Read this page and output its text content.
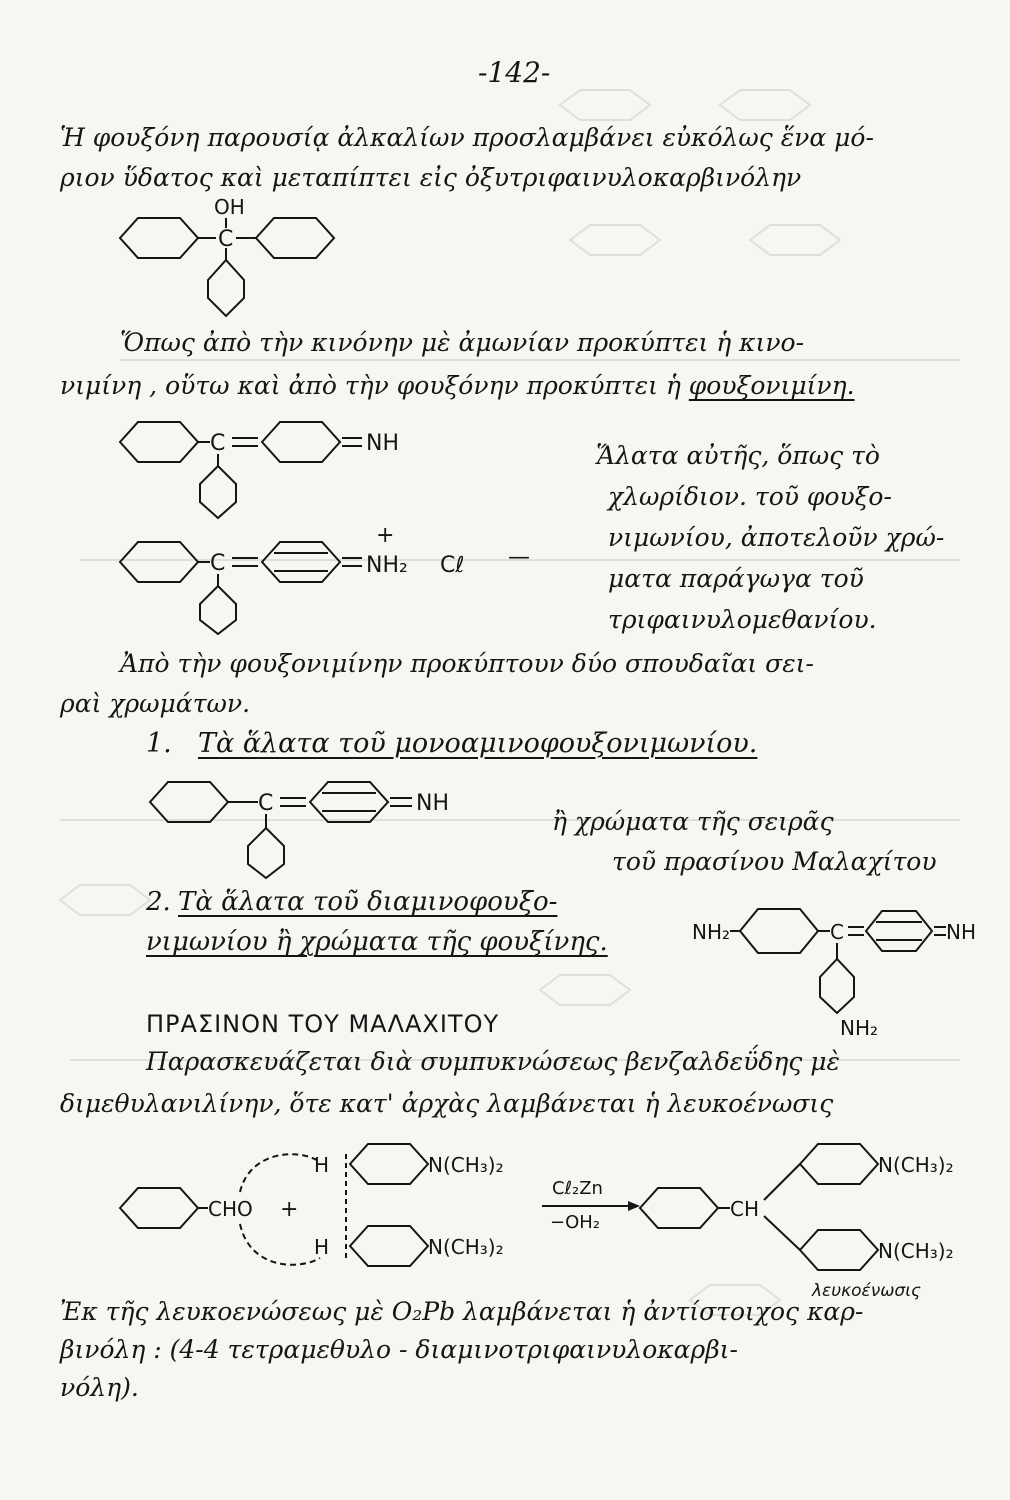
-142-
Ἡ φουξόνη παρουσίᾳ ἀλκαλίων προσλαμβάνει εὐκόλως ἕνα μό-
ριον ὕδατος καὶ μεταπίπτει εἰς ὀξυτριφαινυλοκαρβινόλην
C
OH
Ὅπως ἀπὸ τὴν κινόνην μὲ ἀμωνίαν προκύπτει ἡ κινο-
νιμίνη , οὕτω καὶ ἀπὸ τὴν φουξόνην προκύπτει ἡ φουξονιμίνη.
C	NH	Ἅλατα αὐτῆς, ὅπως τὸ
χλωρίδιον. τοῦ φουξο-
νιμωνίου, ἀποτελοῦν χρώ-
ματα παράγωγα τοῦ
τριφαινυλομεθανίου.
C
+
NH₂ Cℓ —
Ἀπὸ τὴν φουξονιμίνην προκύπτουν δύο σπουδαῖαι σει-
ραὶ χρωμάτων.
1. Τὰ ἅλατα τοῦ μονοαμινοφουξονιμωνίου.
C	NH
ἢ χρώματα τῆς σειρᾶς
τοῦ πρασίνου Μαλαχίτου
2. Τὰ ἅλατα τοῦ διαμινοφουξο-
νιμωνίου ἢ χρώματα τῆς φουξίνης.	NH₂	C	NH
NH₂
ΠΡΑΣΙΝΟΝ ΤΟΥ ΜΑΛΑΧΙΤΟΥ
Παρασκευάζεται διὰ συμπυκνώσεως βενζαλδεΰδης μὲ
διμεθυλανιλίνην, ὅτε κατ' ἀρχὰς λαμβάνεται ἡ λευκοένωσις
CHO +
H	N(CH₃)₂
H	N(CH₃)₂
Cℓ₂Zn
−OH₂
CH
N(CH₃)₂
N(CH₃)₂
λευκοένωσις
Ἐκ τῆς λευκοενώσεως μὲ O₂Pb λαμβάνεται ἡ ἀντίστοιχος καρ-
βινόλη : (4-4 τετραμεθυλο - διαμινοτριφαινυλοκαρβι-
νόλη).
